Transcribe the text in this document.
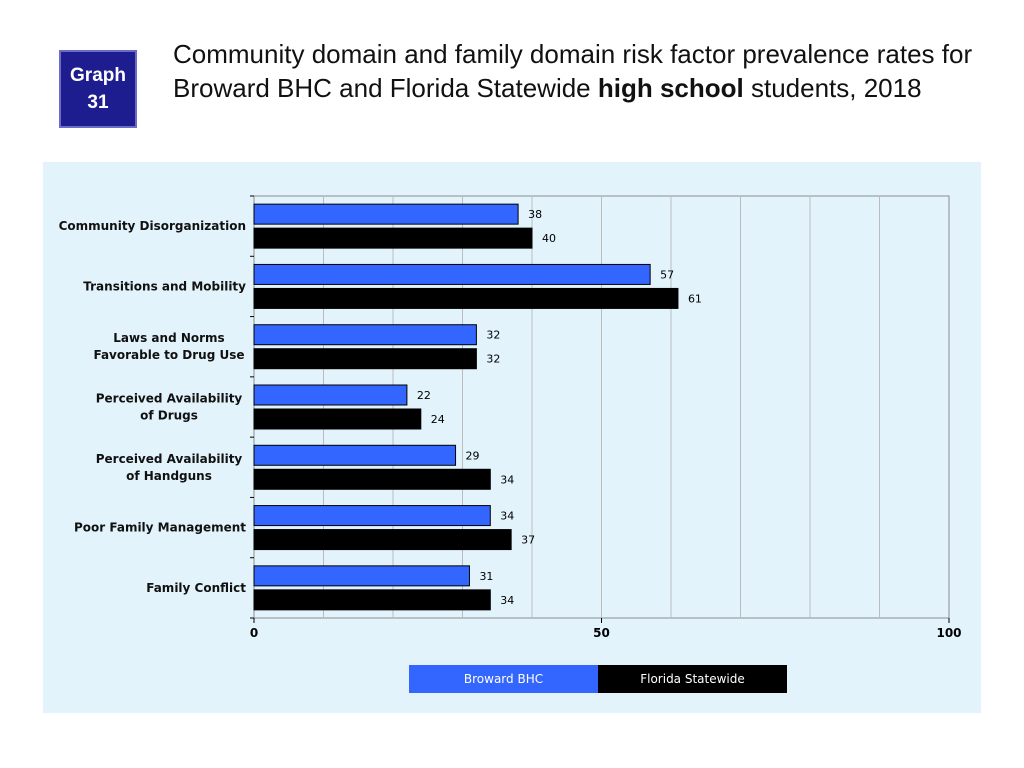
Graph
31
Community domain and family domain risk factor prevalence rates for Broward BHC and Florida Statewide high school students, 2018
0	50	100
Community Disorganization
38
40
Transitions and Mobility
57
61
Laws and Norms
Favorable to Drug Use
32
32
Perceived Availability
of Drugs
22
24
Perceived Availability
of Handguns
29
34
Poor Family Management
34
37
Family Conflict
31
34
Broward BHC	Florida Statewide
